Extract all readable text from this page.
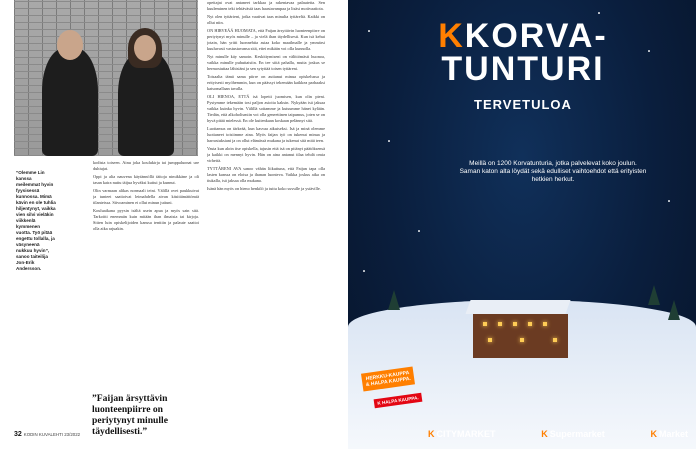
”Olemme Lin kanssa meilemmat hyvin fyysisessä kunnossa. Mimä kävin en ole tuhlia hiljentynyt, vaikka vien silvi vieläkin viikkenlä kymmenen vuotta. Työ pitää engettu tollalla, ja väsyneenä nukkuu hyvin”, sanoo taiteilija Jon-Erik Andersson.

kodista toiseen. Ainu joka koulukirja tai jumppaluonat ure duhiujat.

Oppi ja alia nauvena käytännöllä täitoja nimikkäne ja oli tasan kaira nuttu täijua hyväksi kuttui ja kunnut.

Olin varmaan alikas normaali teini. Välillä ovet paukkuivat ja tunteet saattoivat leimahdella aivan käsittämättömiä tilanteissa. Siivoaminen ei ollut minun juttuni.

Kouluaikana pyysin isältä usein apua ja myös sain sitä. Tarkoitti enemmän kuin mitään ihan ilmaisia tai kirjoja. Sitten luin opiskelijoiden kanssa tenttiin ja palaute saattoi olla aika rajuakin.

opettajat ovat antaneet tarkkaa ja rakentavaa palautetta. Sen kuuleminen teki tehtävästä taas haastavampaa ja lisäsi motivaatiota.

Nyt olen tyttärieni, jotka vaativat taas minulta tyttäreltä. Kaikki on ollut niin.

ON HIRVEÄÄ HUOMATA, että Faijan ärsyttävin luonteenpiirre on periytynyt myös minulle – ja vielä ihan täydellisesti. Kun isä kehui jotain, hän yritti luonnehtia asiaa koko maailmalle ja ymmärsi kuuluvasti vastustavansa sitä, ettei mikään voi olla kunnolla.

Nyt minulle käy samoin. Keskittymiseni on välittömästi huonoa, vaikka minulle puhuttaisiin. En tee siitä pahalla, mutta joskus se hermostuttaa lähisiäni ja sen sytyttää toisen tyttäreni.

Toisaalta tämä sama piirre on auttanut minua opiskelussa ja erityisesti myöhemmin, kun on päässyt tekemään kaikkea parhaaksi katsomallaan tavalla.

OLI HIENOA, ETTÄ isä lopetti juomisen, kun olin pieni. Pystymme tekemään tosi paljon asioita kaksin. Nykyään isä jaksaa vaikka kuinka hyvin. Välillä soitamme ja kutsumme hänet kylään. Tiedän, että alkoholismiin voi olla geneettinen taipumus, joten se on hyvä pitää mielessä. En ole kuitenkaan koskaan pelännyt sitä.

Luottamus on tärkeää, kun kasvaa aikuiseksi. Isä ja minä olemme luottaneet toisiimme aina. Myös faijan työ on tukenut minua ja harrastuksiani ja on ollut elämässä mukana ja tukenut sitä mitä teen.

Vasta kun aloin itse opiskella, tajusin että isä on pitänyt päätöksensä ja kaikki on mennyt hyvin. Hän on aina antanut tilaa tehdä omia virheitä.

TYTTÄRENI AVA sanoo vähän liikuttuna, että Faijan tapa olla lasten kanssa on eloisa ja ihanan luonteva. Vaikka joskus aika on tiukalla, isä jaksaa olla mukana.

Isänä hän myös on hieno henkilö ja tuttu koko suvulle ja ystäville.

”Faijan ärsyttävin luonteenpiirre on periytynyt minulle täydellisesti.”
32 KODIN KUVALEHTI 23/2022
KKORVA-
TUNTURI
TERVETULOA
Meillä on 1200 Korvatunturia, jotka palvelevat koko joulun. Saman katon alta löydät sekä edulliset vaihtoehdot että erityisten hetkien herkut.
HERKKU-KAUPPA & HALPA KAUPPA.
K HALPA KAUPPA.
K CITYMARKET	K Supermarket	K Market
